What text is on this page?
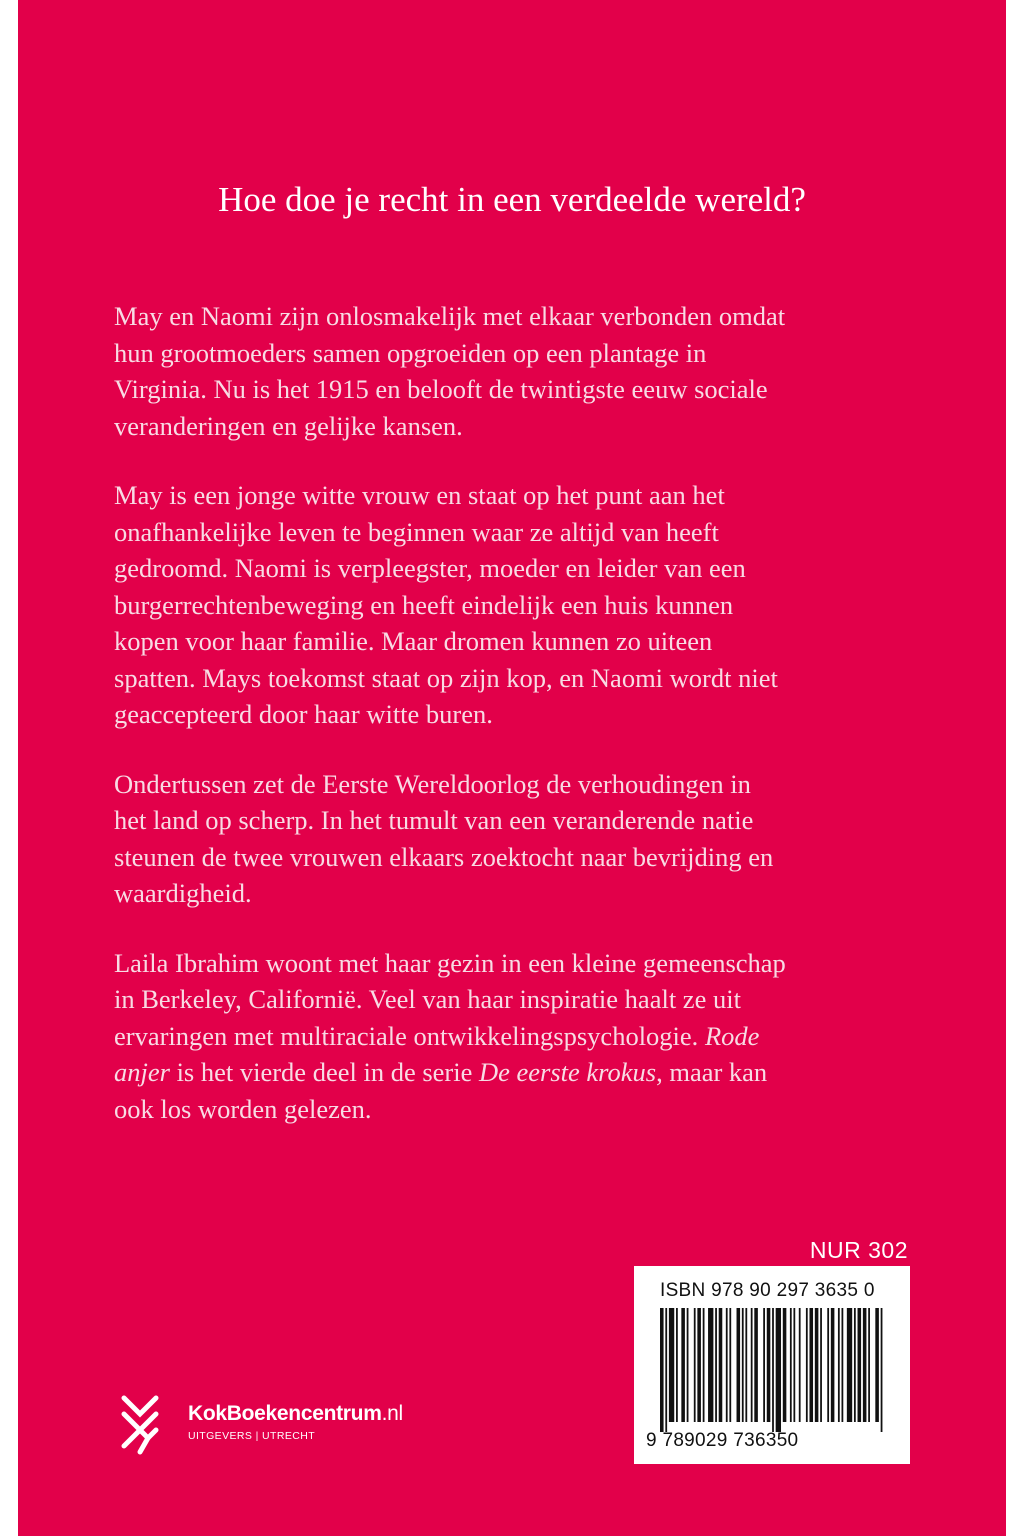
Hoe doe je recht in een verdeelde wereld?

May en Naomi zijn onlosmakelijk met elkaar verbonden omdat
hun grootmoeders samen opgroeiden op een plantage in
Virginia. Nu is het 1915 en belooft de twintigste eeuw sociale
veranderingen en gelijke kansen.

May is een jonge witte vrouw en staat op het punt aan het
onafhankelijke leven te beginnen waar ze altijd van heeft
gedroomd. Naomi is verpleegster, moeder en leider van een
burgerrechtenbeweging en heeft eindelijk een huis kunnen
kopen voor haar familie. Maar dromen kunnen zo uiteen
spatten. Mays toekomst staat op zijn kop, en Naomi wordt niet
geaccepteerd door haar witte buren.

Ondertussen zet de Eerste Wereldoorlog de verhoudingen in
het land op scherp. In het tumult van een veranderende natie
steunen de twee vrouwen elkaars zoektocht naar bevrijding en
waardigheid.

Laila Ibrahim woont met haar gezin in een kleine gemeenschap
in Berkeley, Californië. Veel van haar inspiratie haalt ze uit
ervaringen met multiraciale ontwikkelingspsychologie. Rode
anjer is het vierde deel in de serie De eerste krokus, maar kan
ook los worden gelezen.

NUR 302
ISBN 978 90 297 3635 0
9 789029 736350
KokBoekencentrum.nl
UITGEVERS | UTRECHT
